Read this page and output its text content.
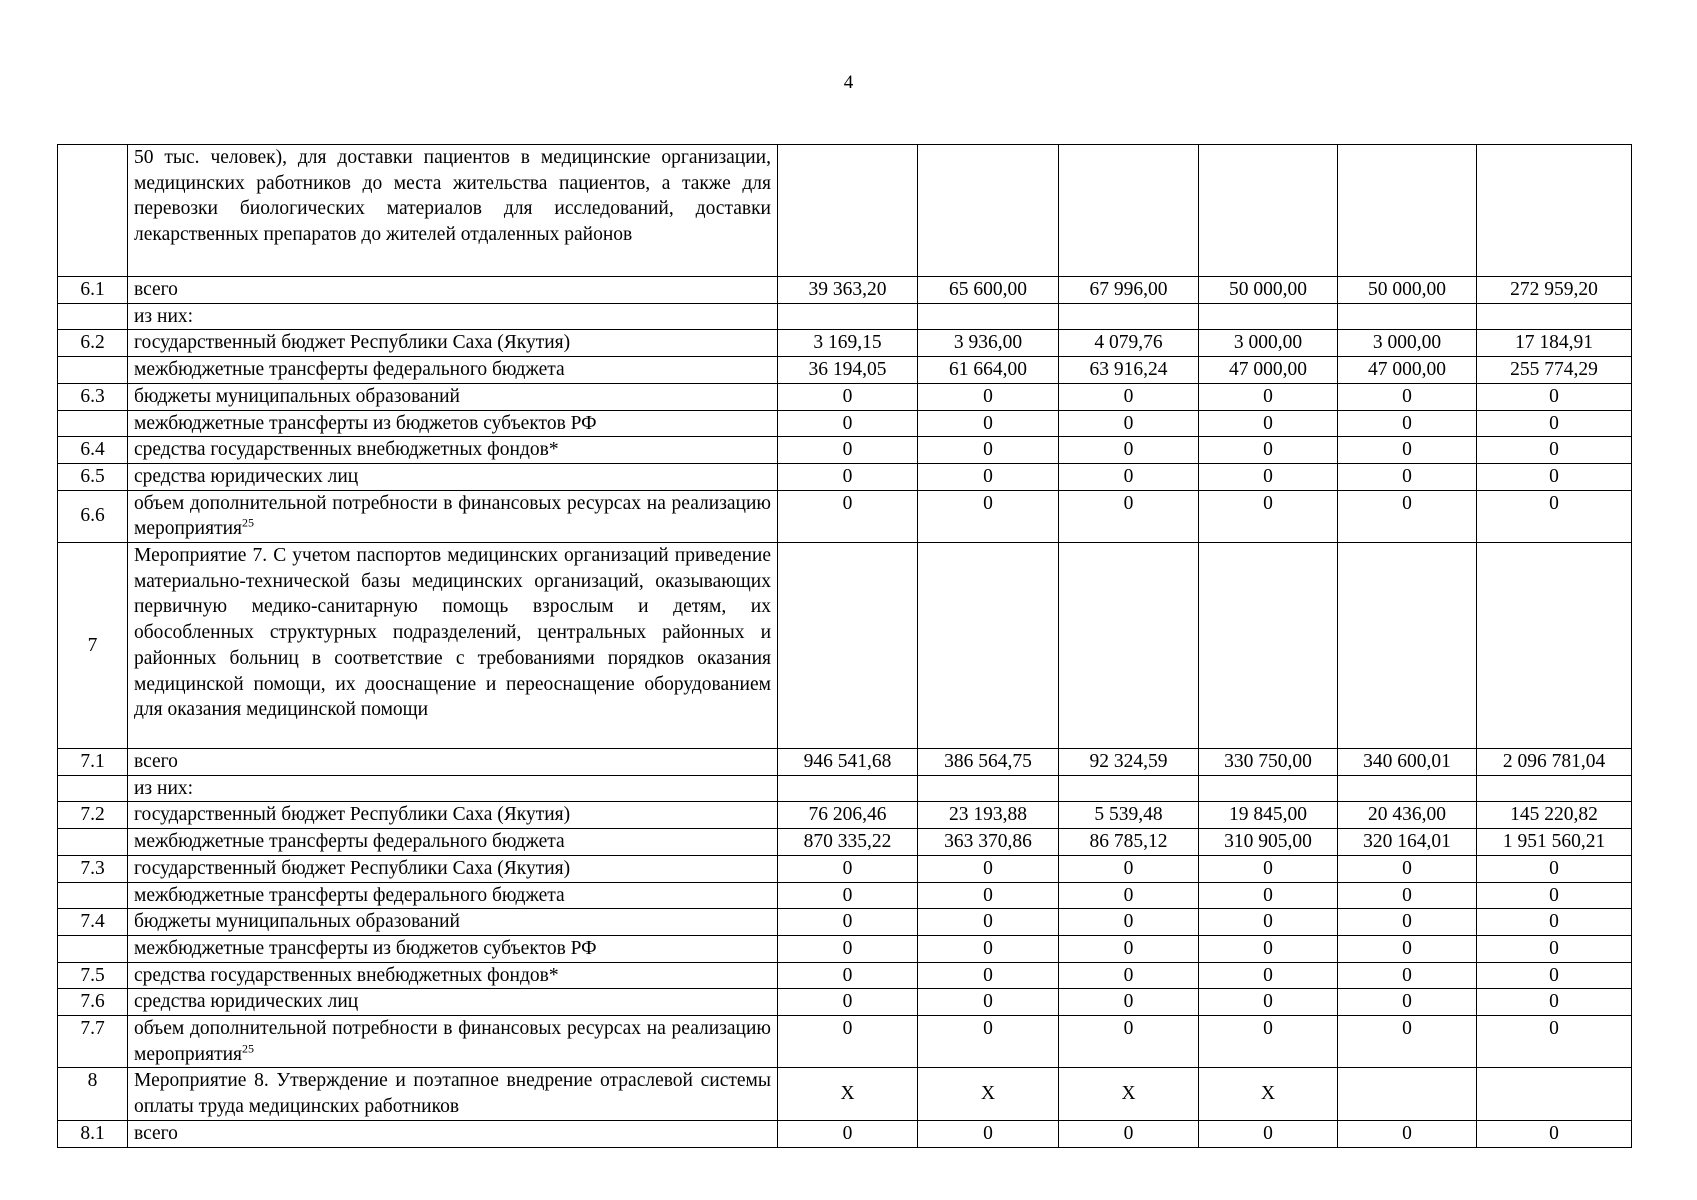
4
	50 тыс. человек), для доставки пациентов в медицинские организации, медицинских работников до места жительства пациентов, а также для перевозки биологических материалов для исследований, доставки лекарственных препаратов до жителей отдаленных районов						
6.1	всего	39 363,20	65 600,00	67 996,00	50 000,00	50 000,00	272 959,20
	из них:						
6.2	государственный бюджет Республики Саха (Якутия)	3 169,15	3 936,00	4 079,76	3 000,00	3 000,00	17 184,91
	межбюджетные трансферты федерального бюджета	36 194,05	61 664,00	63 916,24	47 000,00	47 000,00	255 774,29
6.3	бюджеты муниципальных образований	0	0	0	0	0	0
	межбюджетные трансферты из бюджетов субъектов РФ	0	0	0	0	0	0
6.4	средства государственных внебюджетных фондов*	0	0	0	0	0	0
6.5	средства юридических лиц	0	0	0	0	0	0
6.6	объем дополнительной потребности в финансовых ресурсах на реализацию мероприятия$^{25}$	0	0	0	0	0	0
7	Мероприятие 7. С учетом паспортов медицинских организаций приведение материально-технической базы медицинских организаций, оказывающих первичную медико-санитарную помощь взрослым и детям, их обособленных структурных подразделений, центральных районных и районных больниц в соответствие с требованиями порядков оказания медицинской помощи, их дооснащение и переоснащение оборудованием для оказания медицинской помощи						
7.1	всего	946 541,68	386 564,75	92 324,59	330 750,00	340 600,01	2 096 781,04
	из них:						
7.2	государственный бюджет Республики Саха (Якутия)	76 206,46	23 193,88	5 539,48	19 845,00	20 436,00	145 220,82
	межбюджетные трансферты федерального бюджета	870 335,22	363 370,86	86 785,12	310 905,00	320 164,01	1 951 560,21
7.3	государственный бюджет Республики Саха (Якутия)	0	0	0	0	0	0
	межбюджетные трансферты федерального бюджета	0	0	0	0	0	0
7.4	бюджеты муниципальных образований	0	0	0	0	0	0
	межбюджетные трансферты из бюджетов субъектов РФ	0	0	0	0	0	0
7.5	средства государственных внебюджетных фондов*	0	0	0	0	0	0
7.6	средства юридических лиц	0	0	0	0	0	0
7.7	объем дополнительной потребности в финансовых ресурсах на реализацию мероприятия$^{25}$	0	0	0	0	0	0
8	Мероприятие 8. Утверждение и поэтапное внедрение отраслевой системы оплаты труда медицинских работников	X	X	X	X		
8.1	всего	0	0	0	0	0	0
